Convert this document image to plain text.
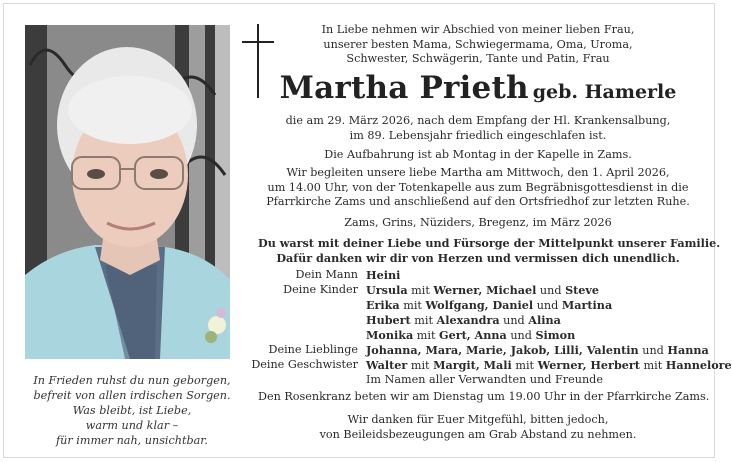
In Frieden ruhst du nun geborgen,
befreit von allen irdischen Sorgen.
Was bleibt, ist Liebe,
warm und klar –
für immer nah, unsichtbar.
In Liebe nehmen wir Abschied von meiner lieben Frau,
unserer besten Mama, Schwiegermama, Oma, Uroma,
Schwester, Schwägerin, Tante und Patin, Frau
Martha Prieth geb. Hamerle
die am 29. März 2026, nach dem Empfang der Hl. Krankensalbung,
im 89. Lebensjahr friedlich eingeschlafen ist.
Die Aufbahrung ist ab Montag in der Kapelle in Zams.
Wir begleiten unsere liebe Martha am Mittwoch, den 1. April 2026,
um 14.00 Uhr, von der Totenkapelle aus zum Begräbnisgottesdienst in die
Pfarrkirche Zams und anschließend auf den Ortsfriedhof zur letzten Ruhe.
Zams, Grins, Nüziders, Bregenz, im März 2026
Du warst mit deiner Liebe und Fürsorge der Mittelpunkt unserer Familie.
Dafür danken wir dir von Herzen und vermissen dich unendlich.
Dein Mann Heini
Deine Kinder Ursula mit Werner, Michael und Steve
Erika mit Wolfgang, Daniel und Martina
Hubert mit Alexandra und Alina
Monika mit Gert, Anna und Simon
Deine Lieblinge Johanna, Mara, Marie, Jakob, Lilli, Valentin und Hanna
Deine Geschwister Walter mit Margit, Mali mit Werner, Herbert mit Hannelore
Im Namen aller Verwandten und Freunde
Den Rosenkranz beten wir am Dienstag um 19.00 Uhr in der Pfarrkirche Zams.
Wir danken für Euer Mitgefühl, bitten jedoch,
von Beileidsbezeugungen am Grab Abstand zu nehmen.
